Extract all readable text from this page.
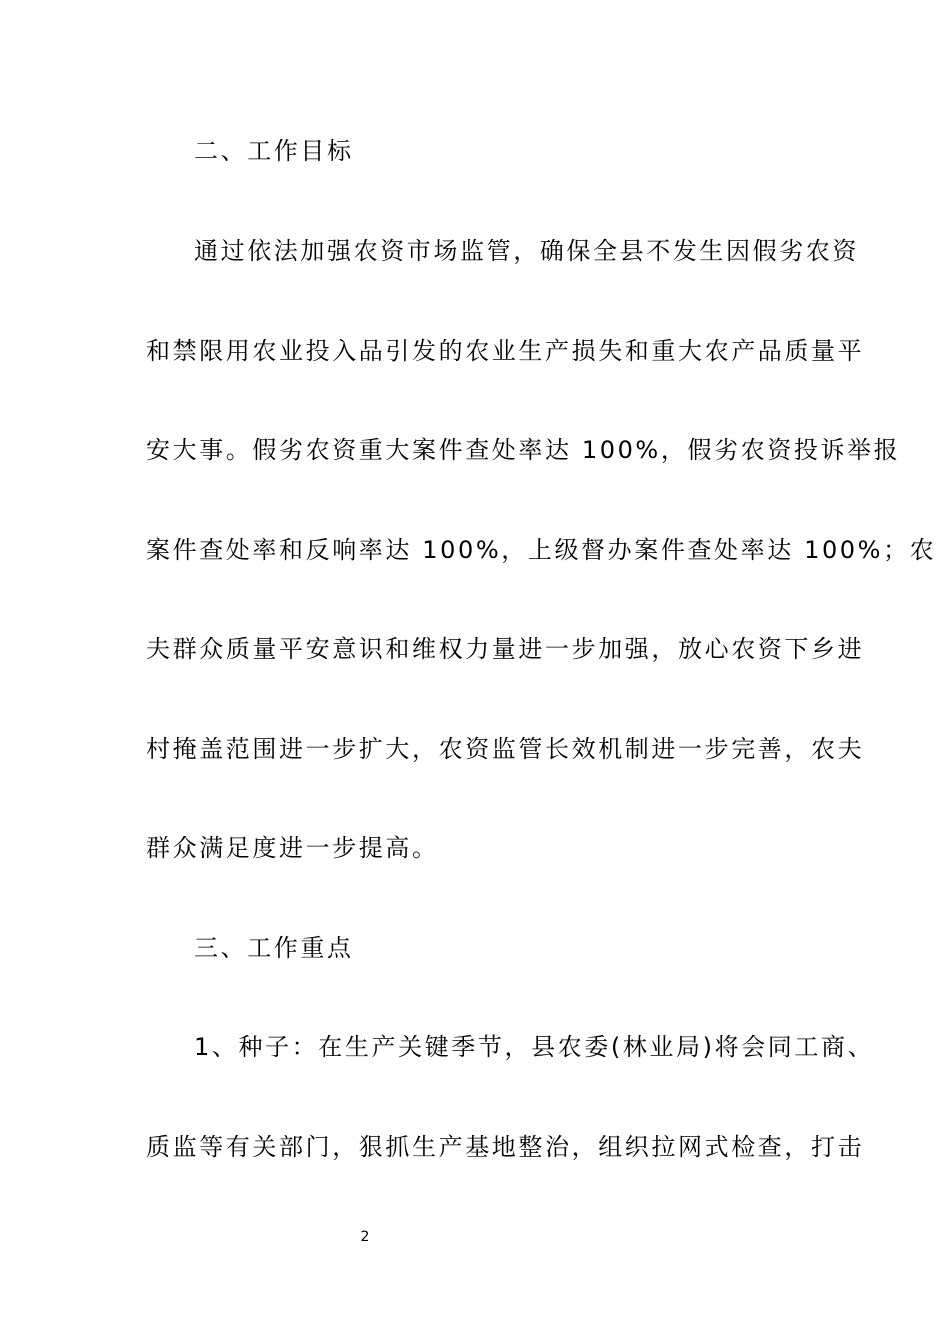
二、工作目标
通过依法加强农资市场监管，确保全县不发生因假劣农资
和禁限用农业投入品引发的农业生产损失和重大农产品质量平
安大事。假劣农资重大案件查处率达 100%，假劣农资投诉举报
案件查处率和反响率达 100%，上级督办案件查处率达 100%；农
夫群众质量平安意识和维权力量进一步加强，放心农资下乡进
村掩盖范围进一步扩大，农资监管长效机制进一步完善，农夫
群众满足度进一步提高。
三、工作重点
1、种子：在生产关键季节，县农委(林业局)将会同工商、
质监等有关部门，狠抓生产基地整治，组织拉网式检查，打击
2
